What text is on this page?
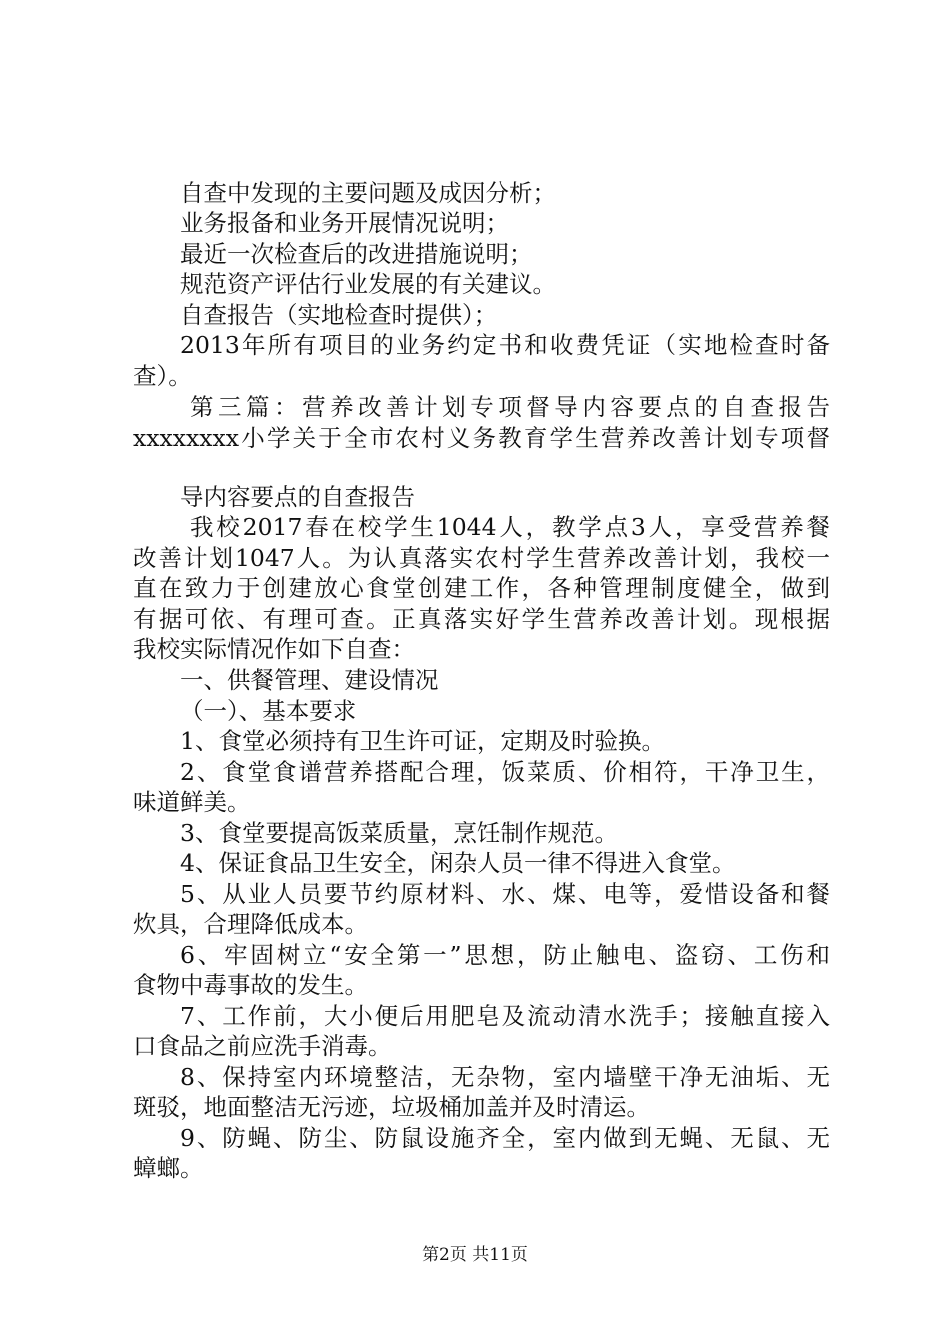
自查中发现的主要问题及成因分析；
业务报备和业务开展情况说明；
最近一次检查后的改进措施说明；
规范资产评估行业发展的有关建议。
自查报告（实地检查时提供）；
2013年所有项目的业务约定书和收费凭证（实地检查时备
查）。
第三篇：营养改善计划专项督导内容要点的自查报告
xxxxxxxx小学关于全市农村义务教育学生营养改善计划专项督
导内容要点的自查报告
我校2017春在校学生1044人，教学点3人，享受营养餐
改善计划1047人。为认真落实农村学生营养改善计划，我校一
直在致力于创建放心食堂创建工作，各种管理制度健全，做到
有据可依、有理可查。正真落实好学生营养改善计划。现根据
我校实际情况作如下自查：
一、供餐管理、建设情况
（一）、基本要求
1、食堂必须持有卫生许可证，定期及时验换。
2、食堂食谱营养搭配合理，饭菜质、价相符，干净卫生，
味道鲜美。
3、食堂要提高饭菜质量，烹饪制作规范。
4、保证食品卫生安全，闲杂人员一律不得进入食堂。
5、从业人员要节约原材料、水、煤、电等，爱惜设备和餐
炊具，合理降低成本。
6、牢固树立“安全第一”思想，防止触电、盗窃、工伤和
食物中毒事故的发生。
7、工作前，大小便后用肥皂及流动清水洗手；接触直接入
口食品之前应洗手消毒。
8、保持室内环境整洁，无杂物，室内墙壁干净无油垢、无
斑驳，地面整洁无污迹，垃圾桶加盖并及时清运。
9、防蝇、防尘、防鼠设施齐全，室内做到无蝇、无鼠、无
蟑螂。
第2页 共11页
